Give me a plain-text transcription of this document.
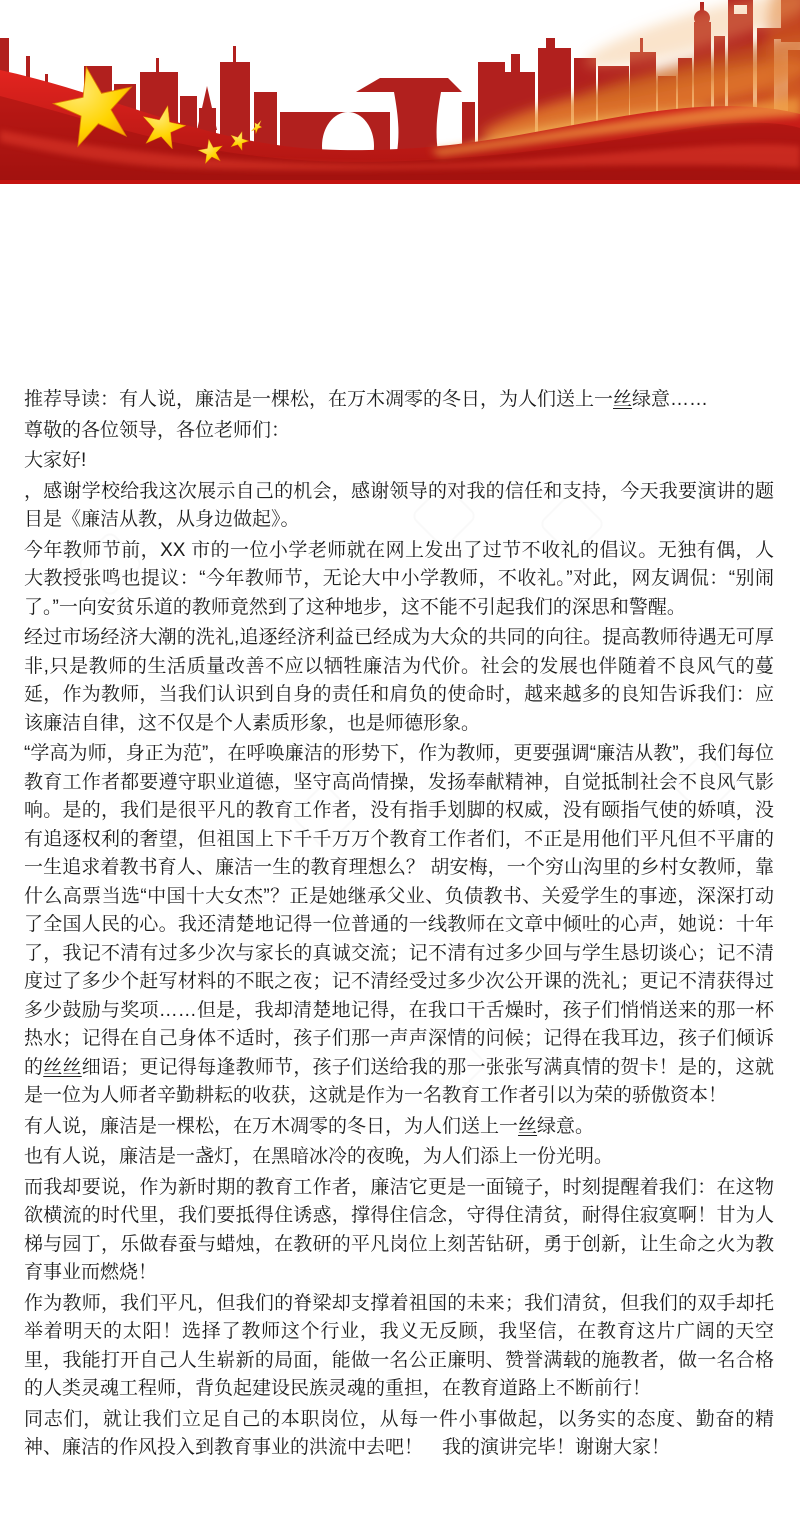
推荐导读：有人说，廉洁是一棵松，在万木凋零的冬日，为人们送上一丝绿意……

尊敬的各位领导，各位老师们：

大家好!

，感谢学校给我这次展示自己的机会，感谢领导的对我的信任和支持，今天我要演讲的题目是《廉洁从教，从身边做起》。

今年教师节前，XX 市的一位小学老师就在网上发出了过节不收礼的倡议。无独有偶，人大教授张鸣也提议：“今年教师节，无论大中小学教师，不收礼。”对此，网友调侃：“别闹了。”一向安贫乐道的教师竟然到了这种地步，这不能不引起我们的深思和警醒。

经过市场经济大潮的洗礼,追逐经济利益已经成为大众的共同的向往。提高教师待遇无可厚非,只是教师的生活质量改善不应以牺牲廉洁为代价。社会的发展也伴随着不良风气的蔓延，作为教师，当我们认识到自身的责任和肩负的使命时，越来越多的良知告诉我们：应该廉洁自律，这不仅是个人素质形象，也是师德形象。

“学高为师，身正为范”，在呼唤廉洁的形势下，作为教师，更要强调“廉洁从教”，我们每位教育工作者都要遵守职业道德，坚守高尚情操，发扬奉献精神，自觉抵制社会不良风气影响。是的，我们是很平凡的教育工作者，没有指手划脚的权威，没有颐指气使的娇嗔，没有追逐权利的奢望，但祖国上下千千万万个教育工作者们，不正是用他们平凡但不平庸的一生追求着教书育人、廉洁一生的教育理想么？ 胡安梅，一个穷山沟里的乡村女教师，靠什么高票当选“中国十大女杰”？正是她继承父业、负债教书、关爱学生的事迹，深深打动了全国人民的心。我还清楚地记得一位普通的一线教师在文章中倾吐的心声，她说：十年了，我记不清有过多少次与家长的真诚交流；记不清有过多少回与学生恳切谈心；记不清度过了多少个赶写材料的不眠之夜；记不清经受过多少次公开课的洗礼；更记不清获得过多少鼓励与奖项……但是，我却清楚地记得，在我口干舌燥时，孩子们悄悄送来的那一杯热水；记得在自己身体不适时，孩子们那一声声深情的问候；记得在我耳边，孩子们倾诉的丝丝细语；更记得每逢教师节，孩子们送给我的那一张张写满真情的贺卡！是的，这就是一位为人师者辛勤耕耘的收获，这就是作为一名教育工作者引以为荣的骄傲资本！

有人说，廉洁是一棵松，在万木凋零的冬日，为人们送上一丝绿意。

也有人说，廉洁是一盏灯，在黑暗冰冷的夜晚，为人们添上一份光明。

而我却要说，作为新时期的教育工作者，廉洁它更是一面镜子，时刻提醒着我们：在这物欲横流的时代里，我们要抵得住诱惑，撑得住信念，守得住清贫，耐得住寂寞啊！甘为人梯与园丁，乐做春蚕与蜡烛，在教研的平凡岗位上刻苦钻研，勇于创新，让生命之火为教育事业而燃烧！

作为教师，我们平凡，但我们的脊梁却支撑着祖国的未来；我们清贫，但我们的双手却托举着明天的太阳！选择了教师这个行业，我义无反顾，我坚信，在教育这片广阔的天空里，我能打开自己人生崭新的局面，能做一名公正廉明、赞誉满载的施教者，做一名合格的人类灵魂工程师，背负起建设民族灵魂的重担，在教育道路上不断前行！

同志们，就让我们立足自己的本职岗位，从每一件小事做起，以务实的态度、勤奋的精神、廉洁的作风投入到教育事业的洪流中去吧！　我的演讲完毕！谢谢大家！
